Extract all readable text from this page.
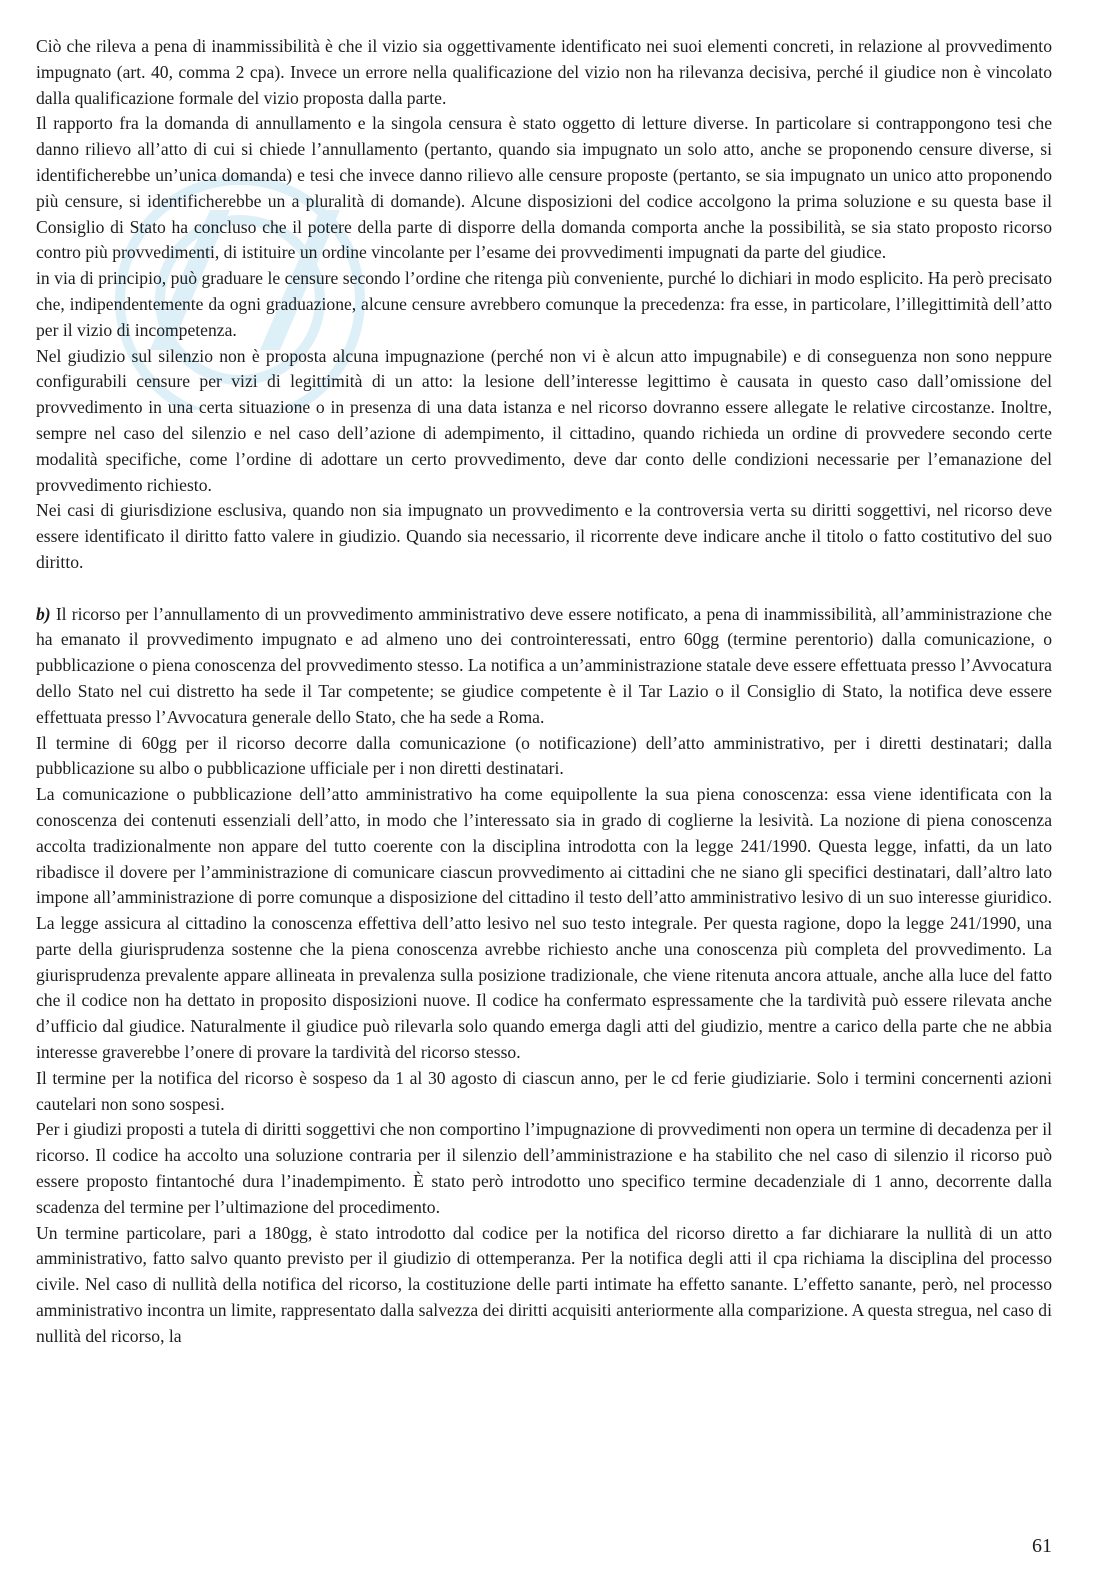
Ciò che rileva a pena di inammissibilità è che il vizio sia oggettivamente identificato nei suoi elementi concreti, in relazione al provvedimento impugnato (art. 40, comma 2 cpa). Invece un errore nella qualificazione del vizio non ha rilevanza decisiva, perché il giudice non è vincolato dalla qualificazione formale del vizio proposta dalla parte.

Il rapporto fra la domanda di annullamento e la singola censura è stato oggetto di letture diverse. In particolare si contrappongono tesi che danno rilievo all’atto di cui si chiede l’annullamento (pertanto, quando sia impugnato un solo atto, anche se proponendo censure diverse, si identificherebbe un’unica domanda) e tesi che invece danno rilievo alle censure proposte (pertanto, se sia impugnato un unico atto proponendo più censure, si identificherebbe un a pluralità di domande). Alcune disposizioni del codice accolgono la prima soluzione e su questa base il Consiglio di Stato ha concluso che il potere della parte di disporre della domanda comporta anche la possibilità, se sia stato proposto ricorso contro più provvedimenti, di istituire un ordine vincolante per l’esame dei provvedimenti impugnati da parte del giudice.

in via di principio, può graduare le censure secondo l’ordine che ritenga più conveniente, purché lo dichiari in modo esplicito. Ha però precisato che, indipendentemente da ogni graduazione, alcune censure avrebbero comunque la precedenza: fra esse, in particolare, l’illegittimità dell’atto per il vizio di incompetenza.

Nel giudizio sul silenzio non è proposta alcuna impugnazione (perché non vi è alcun atto impugnabile) e di conseguenza non sono neppure configurabili censure per vizi di legittimità di un atto: la lesione dell’interesse legittimo è causata in questo caso dall’omissione del provvedimento in una certa situazione o in presenza di una data istanza e nel ricorso dovranno essere allegate le relative circostanze. Inoltre, sempre nel caso del silenzio e nel caso dell’azione di adempimento, il cittadino, quando richieda un ordine di provvedere secondo certe modalità specifiche, come l’ordine di adottare un certo provvedimento, deve dar conto delle condizioni necessarie per l’emanazione del provvedimento richiesto.

Nei casi di giurisdizione esclusiva, quando non sia impugnato un provvedimento e la controversia verta su diritti soggettivi, nel ricorso deve essere identificato il diritto fatto valere in giudizio. Quando sia necessario, il ricorrente deve indicare anche il titolo o fatto costitutivo del suo diritto.

b) Il ricorso per l’annullamento di un provvedimento amministrativo deve essere notificato, a pena di inammissibilità, all’amministrazione che ha emanato il provvedimento impugnato e ad almeno uno dei controinteressati, entro 60gg (termine perentorio) dalla comunicazione, o pubblicazione o piena conoscenza del provvedimento stesso. La notifica a un’amministrazione statale deve essere effettuata presso l’Avvocatura dello Stato nel cui distretto ha sede il Tar competente; se giudice competente è il Tar Lazio o il Consiglio di Stato, la notifica deve essere effettuata presso l’Avvocatura generale dello Stato, che ha sede a Roma.

Il termine di 60gg per il ricorso decorre dalla comunicazione (o notificazione) dell’atto amministrativo, per i diretti destinatari; dalla pubblicazione su albo o pubblicazione ufficiale per i non diretti destinatari.

La comunicazione o pubblicazione dell’atto amministrativo ha come equipollente la sua piena conoscenza: essa viene identificata con la conoscenza dei contenuti essenziali dell’atto, in modo che l’interessato sia in grado di coglierne la lesività. La nozione di piena conoscenza accolta tradizionalmente non appare del tutto coerente con la disciplina introdotta con la legge 241/1990. Questa legge, infatti, da un lato ribadisce il dovere per l’amministrazione di comunicare ciascun provvedimento ai cittadini che ne siano gli specifici destinatari, dall’altro lato impone all’amministrazione di porre comunque a disposizione del cittadino il testo dell’atto amministrativo lesivo di un suo interesse giuridico. La legge assicura al cittadino la conoscenza effettiva dell’atto lesivo nel suo testo integrale. Per questa ragione, dopo la legge 241/1990, una parte della giurisprudenza sostenne che la piena conoscenza avrebbe richiesto anche una conoscenza più completa del provvedimento. La giurisprudenza prevalente appare allineata in prevalenza sulla posizione tradizionale, che viene ritenuta ancora attuale, anche alla luce del fatto che il codice non ha dettato in proposito disposizioni nuove. Il codice ha confermato espressamente che la tardività può essere rilevata anche d’ufficio dal giudice. Naturalmente il giudice può rilevarla solo quando emerga dagli atti del giudizio, mentre a carico della parte che ne abbia interesse graverebbe l’onere di provare la tardività del ricorso stesso.

Il termine per la notifica del ricorso è sospeso da 1 al 30 agosto di ciascun anno, per le cd ferie giudiziarie. Solo i termini concernenti azioni cautelari non sono sospesi.

Per i giudizi proposti a tutela di diritti soggettivi che non comportino l’impugnazione di provvedimenti non opera un termine di decadenza per il ricorso. Il codice ha accolto una soluzione contraria per il silenzio dell’amministrazione e ha stabilito che nel caso di silenzio il ricorso può essere proposto fintantoché dura l’inadempimento. È stato però introdotto uno specifico termine decadenziale di 1 anno, decorrente dalla scadenza del termine per l’ultimazione del procedimento.

Un termine particolare, pari a 180gg, è stato introdotto dal codice per la notifica del ricorso diretto a far dichiarare la nullità di un atto amministrativo, fatto salvo quanto previsto per il giudizio di ottemperanza. Per la notifica degli atti il cpa richiama la disciplina del processo civile. Nel caso di nullità della notifica del ricorso, la costituzione delle parti intimate ha effetto sanante. L’effetto sanante, però, nel processo amministrativo incontra un limite, rappresentato dalla salvezza dei diritti acquisiti anteriormente alla comparizione. A questa stregua, nel caso di nullità del ricorso, la

61
